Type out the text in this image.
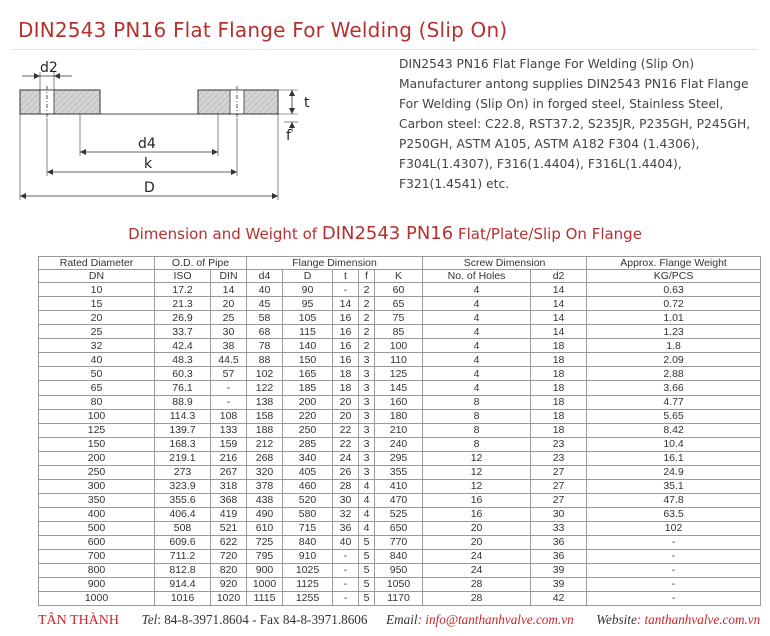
DIN2543 PN16 Flat Flange For Welding (Slip On)
d2
t
f
d4
k
D
DIN2543 PN16 Flat Flange For Welding (Slip On) Manufacturer antong supplies DIN2543 PN16 Flat Flange For Welding (Slip On) in forged steel, Stainless Steel, Carbon steel: C22.8, RST37.2, S235JR, P235GH, P245GH, P250GH, ASTM A105, ASTM A182 F304 (1.4306), F304L(1.4307), F316(1.4404), F316L(1.4404), F321(1.4541) etc.
Dimension and Weight of DIN2543 PN16 Flat/Plate/Slip On Flange
Rated Diameter	O.D. of Pipe		Flange Dimension					Screw Dimension		Approx. Flange Weight
DN	ISO	DIN	d4	D	t	f	K	No. of Holes	d2	KG/PCS
10	17.2	14	40	90	-	2	60	4	14	0.63
15	21.3	20	45	95	14	2	65	4	14	0.72
20	26.9	25	58	105	16	2	75	4	14	1.01
25	33.7	30	68	115	16	2	85	4	14	1.23
32	42.4	38	78	140	16	2	100	4	18	1.8
40	48.3	44.5	88	150	16	3	110	4	18	2.09
50	60.3	57	102	165	18	3	125	4	18	2.88
65	76.1	-	122	185	18	3	145	4	18	3.66
80	88.9	-	138	200	20	3	160	8	18	4.77
100	114.3	108	158	220	20	3	180	8	18	5.65
125	139.7	133	188	250	22	3	210	8	18	8.42
150	168.3	159	212	285	22	3	240	8	23	10.4
200	219.1	216	268	340	24	3	295	12	23	16.1
250	273	267	320	405	26	3	355	12	27	24.9
300	323.9	318	378	460	28	4	410	12	27	35.1
350	355.6	368	438	520	30	4	470	16	27	47.8
400	406.4	419	490	580	32	4	525	16	30	63.5
500	508	521	610	715	36	4	650	20	33	102
600	609.6	622	725	840	40	5	770	20	36	-
700	711.2	720	795	910	-	5	840	24	36	-
800	812.8	820	900	1025	-	5	950	24	39	-
900	914.4	920	1000	1125	-	5	1050	28	39	-
1000	1016	1020	1115	1255	-	5	1170	28	42	-
TÂN THÀNH Tel: 84-8-3971.8604 - Fax 84-8-3971.8606 Email: info@tanthanhvalve.com.vn Website: tanthanhvalve.com.vn
